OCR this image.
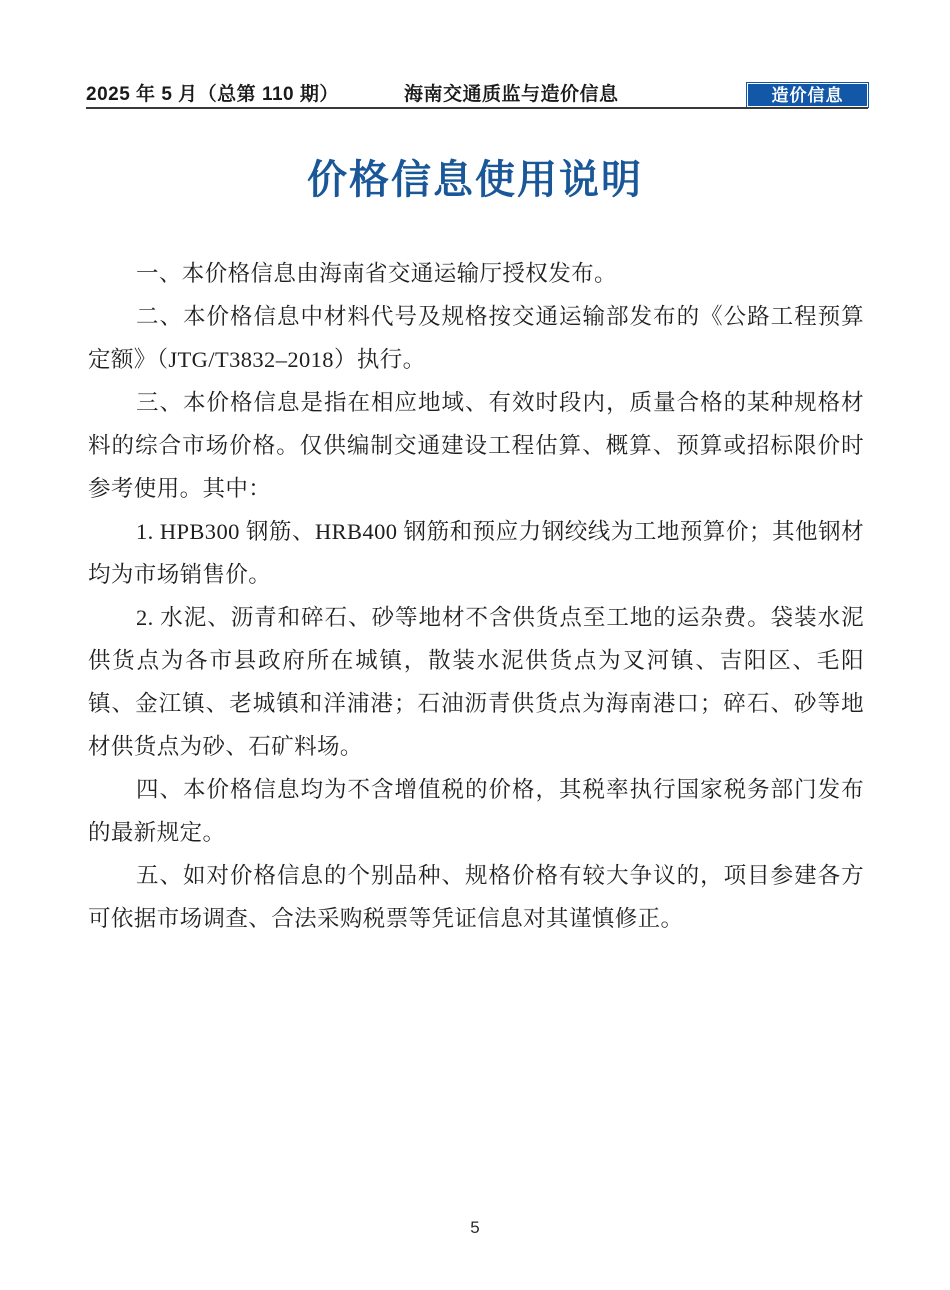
2025 年 5 月（总第 110 期）	海南交通质监与造价信息	造价信息
价格信息使用说明

一、本价格信息由海南省交通运输厅授权发布。

二、本价格信息中材料代号及规格按交通运输部发布的《公路工程预算定额》（JTG/T3832–2018）执行。

三、本价格信息是指在相应地域、有效时段内，质量合格的某种规格材料的综合市场价格。仅供编制交通建设工程估算、概算、预算或招标限价时参考使用。其中：

1. HPB300 钢筋、HRB400 钢筋和预应力钢绞线为工地预算价；其他钢材均为市场销售价。

2. 水泥、沥青和碎石、砂等地材不含供货点至工地的运杂费。袋装水泥供货点为各市县政府所在城镇，散装水泥供货点为叉河镇、吉阳区、毛阳镇、金江镇、老城镇和洋浦港；石油沥青供货点为海南港口；碎石、砂等地材供货点为砂、石矿料场。

四、本价格信息均为不含增值税的价格，其税率执行国家税务部门发布的最新规定。

五、如对价格信息的个别品种、规格价格有较大争议的，项目参建各方可依据市场调查、合法采购税票等凭证信息对其谨慎修正。

5
